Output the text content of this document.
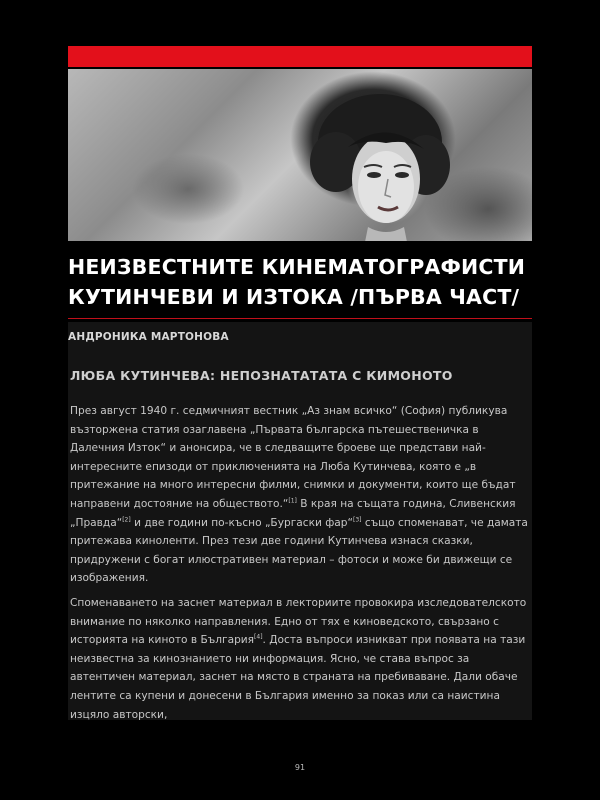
НЕИЗВЕСТНИТЕ КИНЕМАТОГРАФИСТИ КУТИНЧЕВИ И ИЗТОКА /ПЪРВА ЧАСТ/
АНДРОНИКА МАРТОНОВА
ЛЮБА КУТИНЧЕВА: НЕПОЗНАТАТАТА С КИМОНОТО

През август 1940 г. седмичният вестник „Аз знам всичко“ (София) публикува възторжена статия озаглавена „Първата българска пътешественичка в Далечния Изток“ и анонсира, че в следващите броеве ще представи най-интересните епизоди от приключенията на Люба Кутинчева, която е „в притежание на много интересни филми, снимки и документи, които ще бъдат направени достояние на обществото.“[1] В края на същата година, Сливенския „Правда“[2] и две години по-късно „Бургаски фар“[3] също споменават, че дамата притежава киноленти. През тези две години Кутинчева изнася сказки, придружени с богат илюстративен материал – фотоси и може би движещи се изображения.

Споменаването на заснет материал в лекториите провокира изследователското внимание по няколко направления. Едно от тях е киноведското, свързано с историята на киното в България[4]. Доста въпроси изникват при появата на тази неизвестна за кинознанието ни информация. Ясно, че става въпрос за автентичен материал, заснет на място в страната на пребиваване. Дали обаче лентите са купени и донесени в България именно за показ или са наистина изцяло авторски,

91
